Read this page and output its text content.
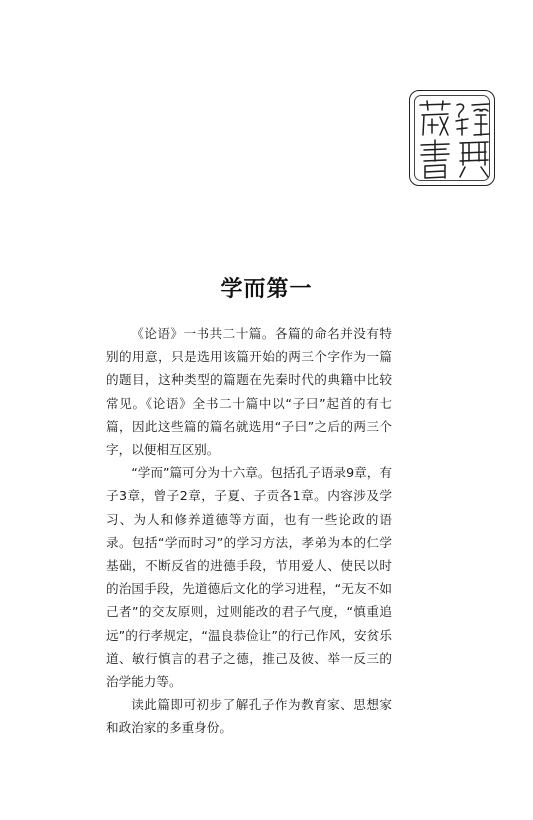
学而第一

《论语》一书共二十篇。各篇的命名并没有特别的用意，只是选用该篇开始的两三个字作为一篇的题目，这种类型的篇题在先秦时代的典籍中比较常见。《论语》全书二十篇中以“子曰”起首的有七篇，因此这些篇的篇名就选用“子曰”之后的两三个字，以便相互区别。

“学而”篇可分为十六章。包括孔子语录9章，有子3章，曾子2章，子夏、子贡各1章。内容涉及学习、为人和修养道德等方面，也有一些论政的语录。包括“学而时习”的学习方法，孝弟为本的仁学基础，不断反省的进德手段，节用爱人、使民以时的治国手段，先道德后文化的学习进程，“无友不如己者”的交友原则，过则能改的君子气度，“慎重追远”的行孝规定，“温良恭俭让”的行己作风，安贫乐道、敏行慎言的君子之德，推己及彼、举一反三的治学能力等。

读此篇即可初步了解孔子作为教育家、思想家和政治家的多重身份。
